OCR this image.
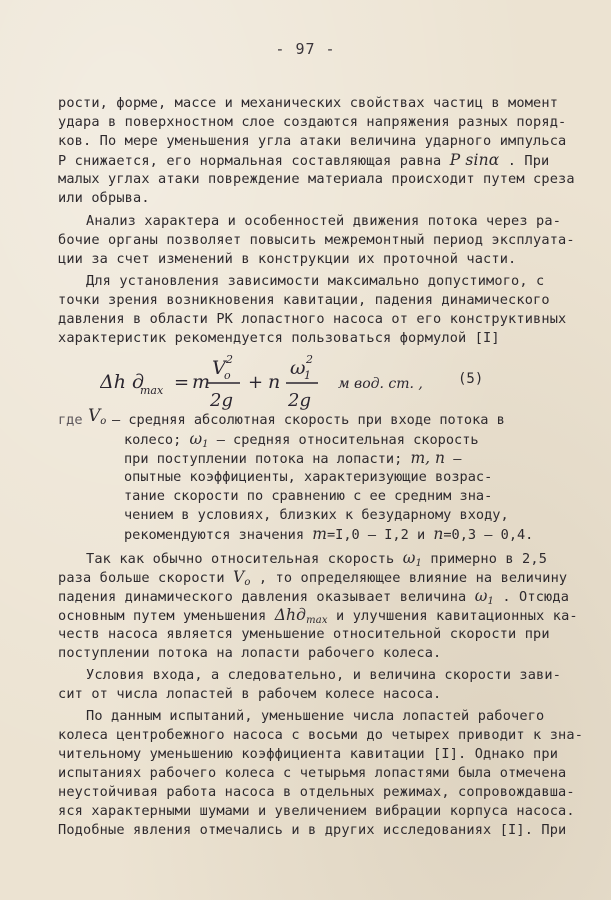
- 97 -
рости, форме, массе и механических свойствах частиц в момент
удара в поверхностном слое создаются напряжения разных поряд-
ков. По мере уменьшения угла атаки величина ударного импульса
P снижается, его нормальная составляющая равна P sinα . При
малых углах атаки повреждение материала происходит путем среза
или обрыва.
Анализ характера и особенностей движения потока через ра-
бочие органы позволяет повысить межремонтный период эксплуата-
ции за счет изменений в конструкции их проточной части.
Для установления зависимости максимально допустимого, с
точки зрения возникновения кавитации, падения динамического
давления в области РК лопастного насоса от его конструктивных
характеристик рекомендуется пользоваться формулой [I]
Δh д
max = m
V
o
2
2g
+ n
ω
1
2
2g
м вод. ст. ,	(5)
где $V_o$ – средняя абсолютная скорость при входе потока в
колесо; $\omega_1$ – средняя относительная скорость
при поступлении потока на лопасти; m, n –
опытные коэффициенты, характеризующие возрас-
тание скорости по сравнению с ее средним зна-
чением в условиях, близких к безударному входу,
рекомендуются значения m=I,0 – I,2 и n=0,3 – 0,4.
Так как обычно относительная скорость $\omega_1$ примерно в 2,5
раза больше скорости $V_o$ , то определяющее влияние на величину
падения динамического давления оказывает величина $\omega_1$ . Отсюда
основным путем уменьшения Δhд$_{max}$ и улучшения кавитационных ка-
честв насоса является уменьшение относительной скорости при
поступлении потока на лопасти рабочего колеса.
Условия входа, а следовательно, и величина скорости зави-
сит от числа лопастей в рабочем колесе насоса.
По данным испытаний, уменьшение числа лопастей рабочего
колеса центробежного насоса с восьми до четырех приводит к зна-
чительному уменьшению коэффициента кавитации [I]. Однако при
испытаниях рабочего колеса с четырьмя лопастями была отмечена
неустойчивая работа насоса в отдельных режимах, сопровождавша-
яся характерными шумами и увеличением вибрации корпуса насоса.
Подобные явления отмечались и в других исследованиях [I]. При
